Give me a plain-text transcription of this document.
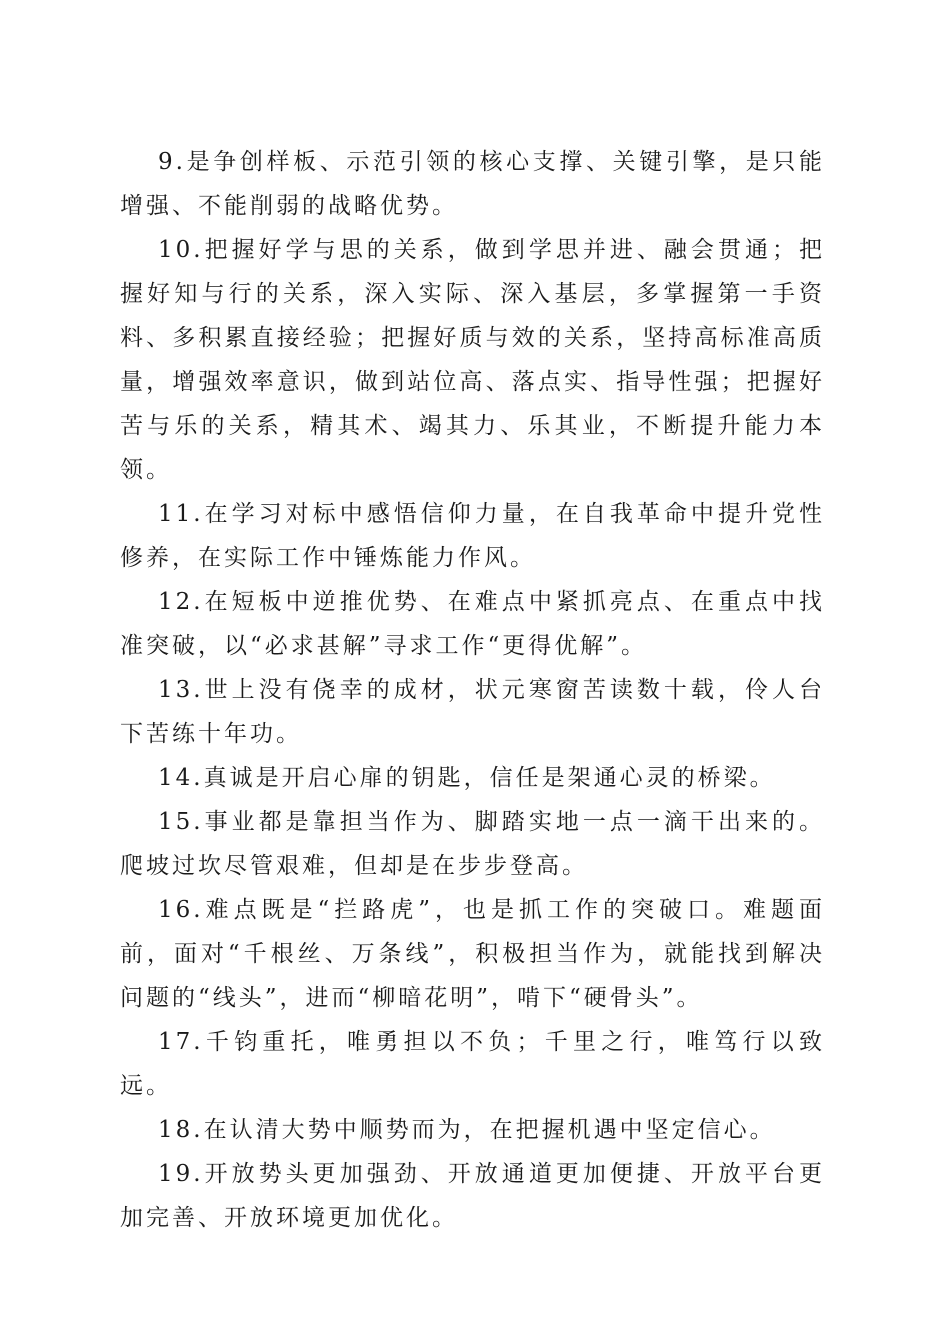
9.是争创样板、示范引领的核心支撑、关键引擎，是只能增强、不能削弱的战略优势。

10.把握好学与思的关系，做到学思并进、融会贯通；把握好知与行的关系，深入实际、深入基层，多掌握第一手资料、多积累直接经验；把握好质与效的关系，坚持高标准高质量，增强效率意识，做到站位高、落点实、指导性强；把握好苦与乐的关系，精其术、竭其力、乐其业，不断提升能力本领。

11.在学习对标中感悟信仰力量，在自我革命中提升党性修养，在实际工作中锤炼能力作风。

12.在短板中逆推优势、在难点中紧抓亮点、在重点中找准突破，以“必求甚解”寻求工作“更得优解”。

13.世上没有侥幸的成材，状元寒窗苦读数十载，伶人台下苦练十年功。

14.真诚是开启心扉的钥匙，信任是架通心灵的桥梁。

15.事业都是靠担当作为、脚踏实地一点一滴干出来的。爬坡过坎尽管艰难，但却是在步步登高。

16.难点既是“拦路虎”，也是抓工作的突破口。难题面前，面对“千根丝、万条线”，积极担当作为，就能找到解决问题的“线头”，进而“柳暗花明”，啃下“硬骨头”。

17.千钧重托，唯勇担以不负；千里之行，唯笃行以致远。

18.在认清大势中顺势而为，在把握机遇中坚定信心。

19.开放势头更加强劲、开放通道更加便捷、开放平台更加完善、开放环境更加优化。
